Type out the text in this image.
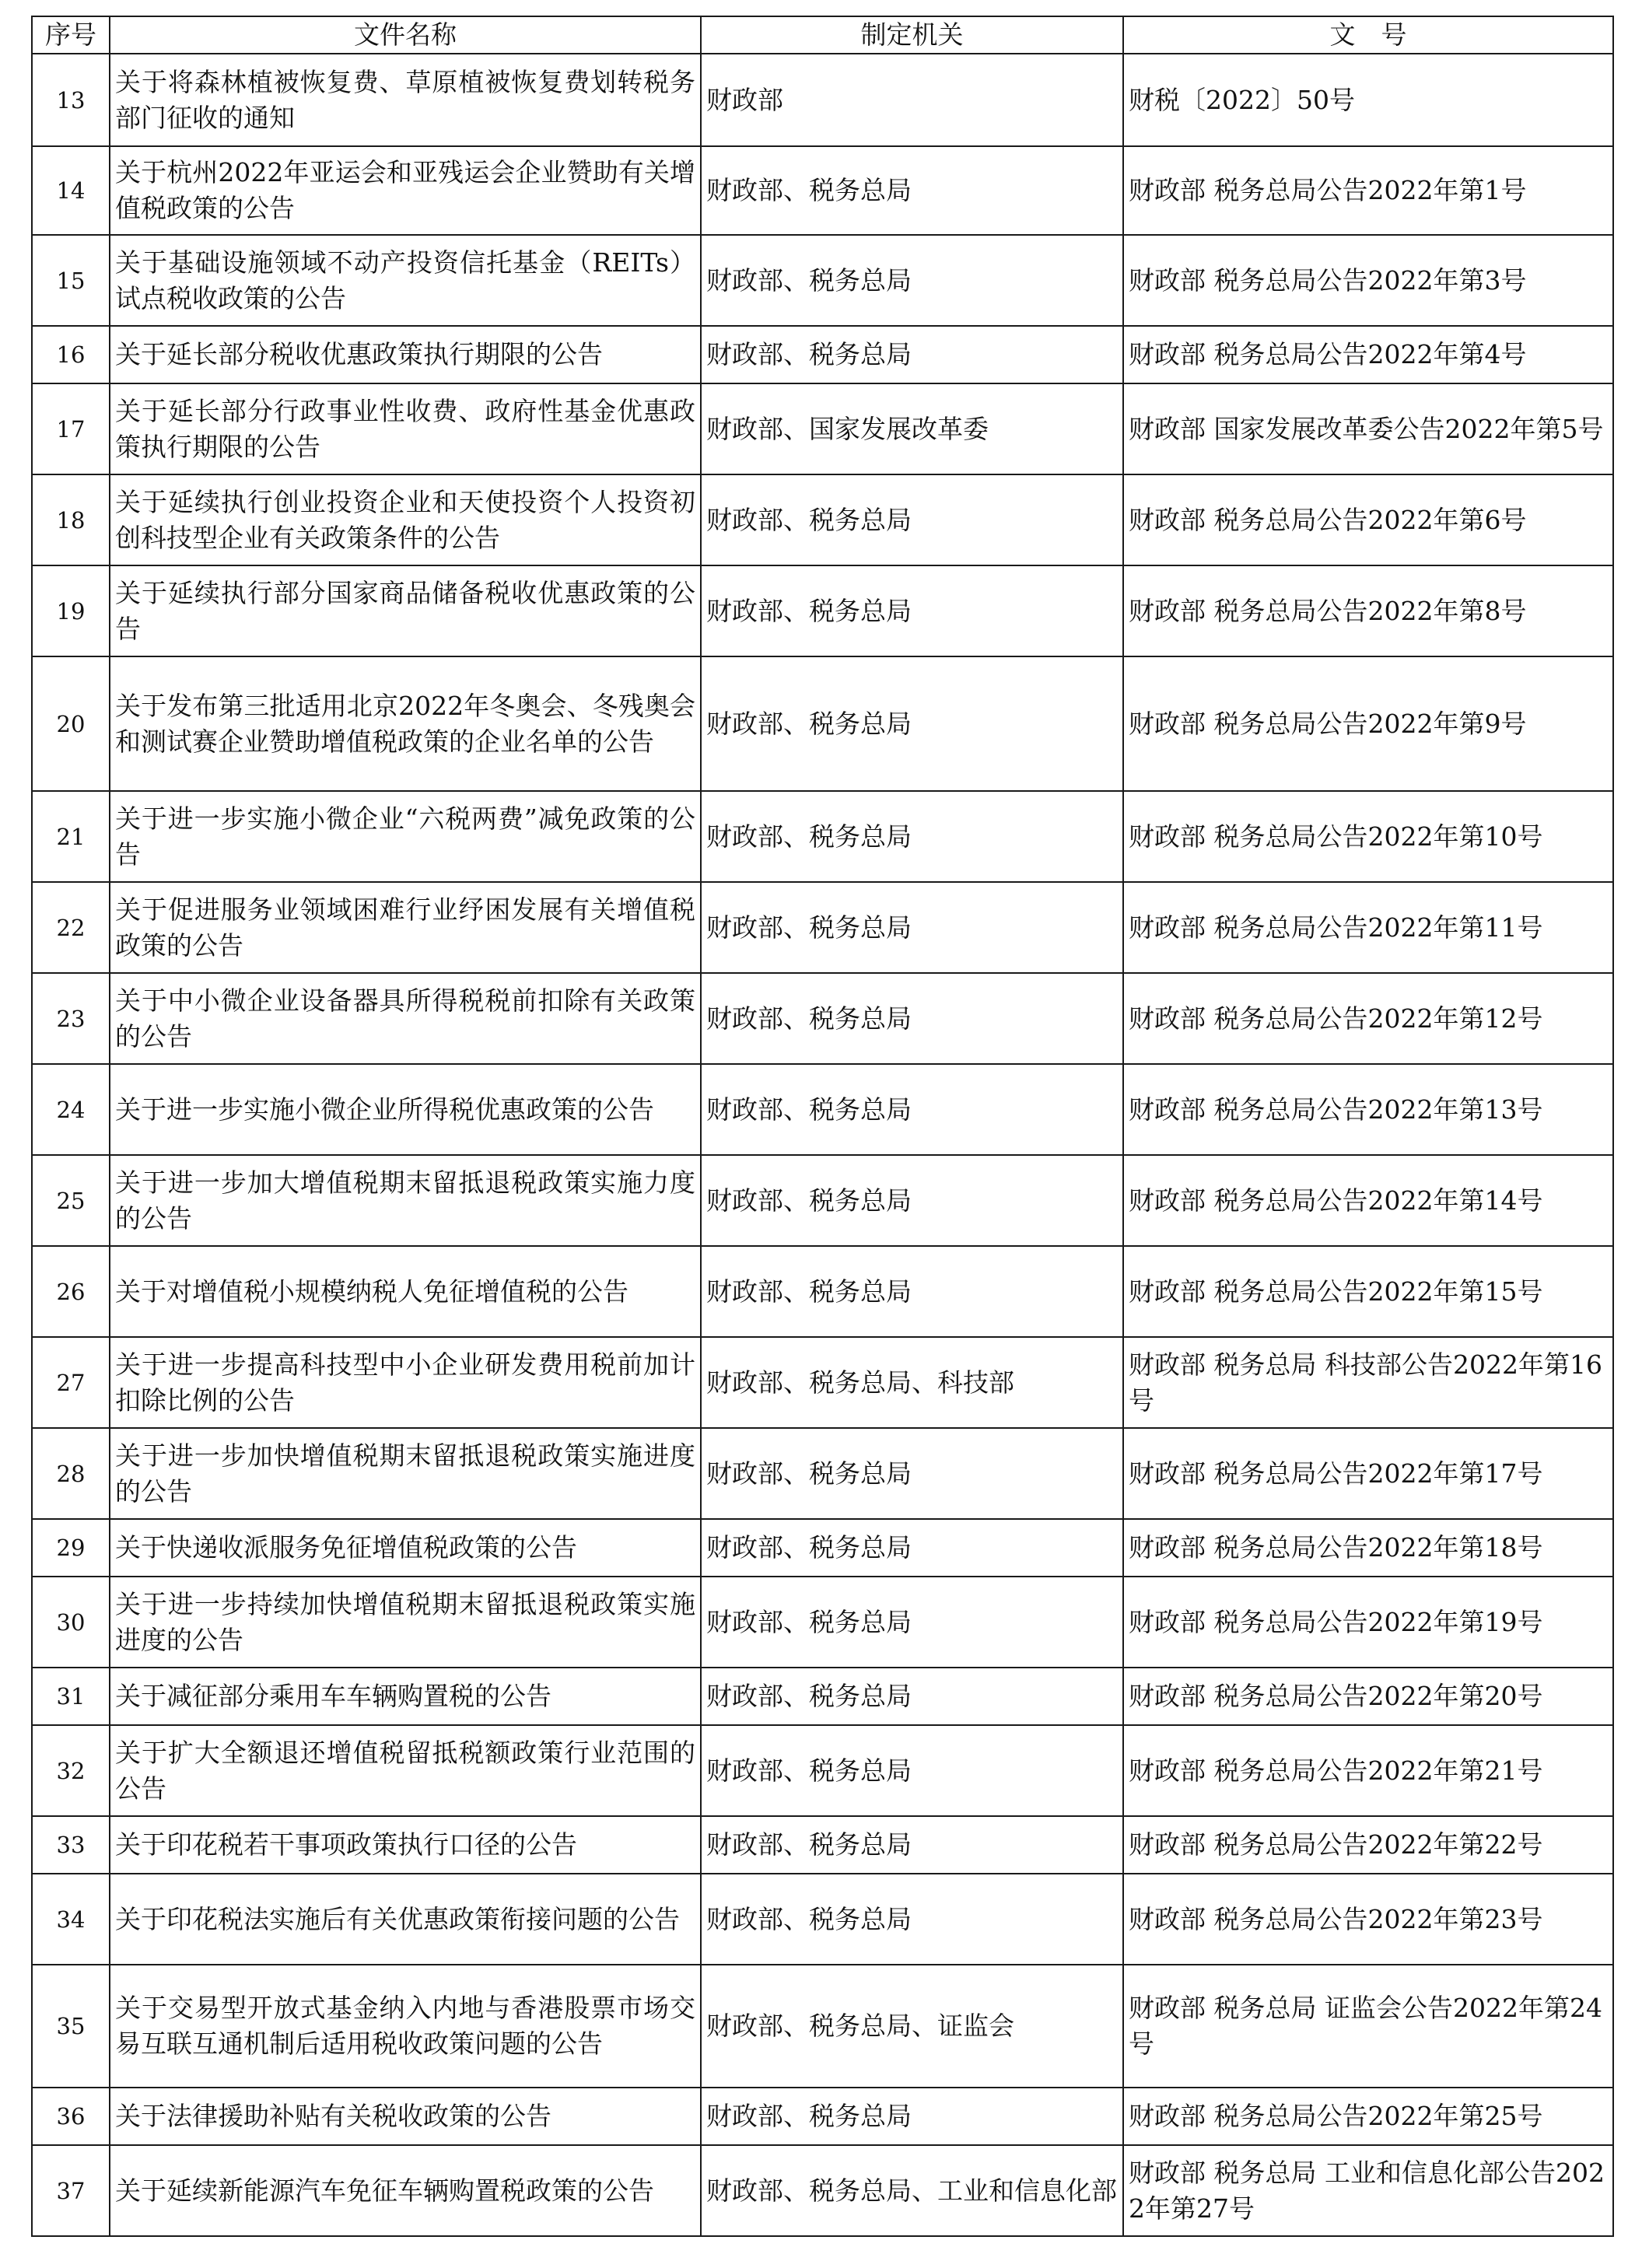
序号	文件名称	制定机关	文　号
13	关于将森林植被恢复费、草原植被恢复费划转税务部门征收的通知	财政部	财税〔2022〕50号
14	关于杭州2022年亚运会和亚残运会企业赞助有关增值税政策的公告	财政部、税务总局	财政部 税务总局公告2022年第1号
15	关于基础设施领域不动产投资信托基金（REITs）试点税收政策的公告	财政部、税务总局	财政部 税务总局公告2022年第3号
16	关于延长部分税收优惠政策执行期限的公告	财政部、税务总局	财政部 税务总局公告2022年第4号
17	关于延长部分行政事业性收费、政府性基金优惠政策执行期限的公告	财政部、国家发展改革委	财政部 国家发展改革委公告2022年第5号
18	关于延续执行创业投资企业和天使投资个人投资初创科技型企业有关政策条件的公告	财政部、税务总局	财政部 税务总局公告2022年第6号
19	关于延续执行部分国家商品储备税收优惠政策的公告	财政部、税务总局	财政部 税务总局公告2022年第8号
20	关于发布第三批适用北京2022年冬奥会、冬残奥会和测试赛企业赞助增值税政策的企业名单的公告	财政部、税务总局	财政部 税务总局公告2022年第9号
21	关于进一步实施小微企业“六税两费”减免政策的公告	财政部、税务总局	财政部 税务总局公告2022年第10号
22	关于促进服务业领域困难行业纾困发展有关增值税政策的公告	财政部、税务总局	财政部 税务总局公告2022年第11号
23	关于中小微企业设备器具所得税税前扣除有关政策的公告	财政部、税务总局	财政部 税务总局公告2022年第12号
24	关于进一步实施小微企业所得税优惠政策的公告	财政部、税务总局	财政部 税务总局公告2022年第13号
25	关于进一步加大增值税期末留抵退税政策实施力度的公告	财政部、税务总局	财政部 税务总局公告2022年第14号
26	关于对增值税小规模纳税人免征增值税的公告	财政部、税务总局	财政部 税务总局公告2022年第15号
27	关于进一步提高科技型中小企业研发费用税前加计扣除比例的公告	财政部、税务总局、科技部	财政部 税务总局 科技部公告2022年第16号
28	关于进一步加快增值税期末留抵退税政策实施进度的公告	财政部、税务总局	财政部 税务总局公告2022年第17号
29	关于快递收派服务免征增值税政策的公告	财政部、税务总局	财政部 税务总局公告2022年第18号
30	关于进一步持续加快增值税期末留抵退税政策实施进度的公告	财政部、税务总局	财政部 税务总局公告2022年第19号
31	关于减征部分乘用车车辆购置税的公告	财政部、税务总局	财政部 税务总局公告2022年第20号
32	关于扩大全额退还增值税留抵税额政策行业范围的公告	财政部、税务总局	财政部 税务总局公告2022年第21号
33	关于印花税若干事项政策执行口径的公告	财政部、税务总局	财政部 税务总局公告2022年第22号
34	关于印花税法实施后有关优惠政策衔接问题的公告	财政部、税务总局	财政部 税务总局公告2022年第23号
35	关于交易型开放式基金纳入内地与香港股票市场交易互联互通机制后适用税收政策问题的公告	财政部、税务总局、证监会	财政部 税务总局 证监会公告2022年第24号
36	关于法律援助补贴有关税收政策的公告	财政部、税务总局	财政部 税务总局公告2022年第25号
37	关于延续新能源汽车免征车辆购置税政策的公告	财政部、税务总局、工业和信息化部	财政部 税务总局 工业和信息化部公告2022年第27号
